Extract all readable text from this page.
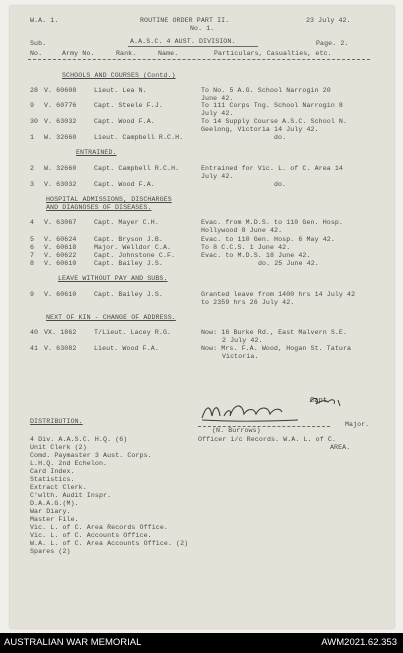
W.A. 1.	ROUTINE ORDER PART II.	23 July 42.
No. 1.
Sub.	A.A.S.C. 4 AUST. DIVISION.	Page. 2.
No.	Army No.	Rank.	Name.	Particulars, Casualties, etc.
SCHOOLS AND COURSES (Contd.)
28 V. 60608	Lieut. Lea N.	To No. 5 A.G. School Narrogin 20
June 42.
9 V. 60776	Capt. Steele F.J.	To 111 Corps Tng. School Narrogin 8
July 42.
30 V. 63032	Capt. Wood F.A.	To 14 Supply Course A.S.C. School N.
Geelong, Victoria 14 July 42.
1 W. 32660	Lieut. Campbell R.C.H.	do.
ENTRAINED.
2 W. 32660	Capt. Campbell R.C.H.	Entrained for Vic. L. of C. Area 14
July 42.
3 V. 63032	Capt. Wood F.A.	do.
HOSPITAL ADMISSIONS, DISCHARGES
AND DIAGNOSES OF DISEASES.
4 V. 63067	Capt. Mayer C.H.	Evac. from M.D.S. to 110 Gen. Hosp.
Hollywood 8 June 42.
5 V. 60624	Capt. Bryson J.B.	Evac. to 110 Gen. Hosp. 6 May 42.
6 V. 60618	Major. Welldor C.A.	To 8 C.C.S. 1 June 42.
7 V. 60622	Capt. Johnstone C.F.	Evac. to M.D.S. 18 June 42.
8 V. 60610	Capt. Bailey J.S.	do. 25 June 42.
LEAVE WITHOUT PAY AND SUBS.
9 V. 60610	Capt. Bailey J.S.	Granted leave from 1400 hrs 14 July 42
to 2359 hrs 26 July 42.
NEXT OF KIN - CHANGE OF ADDRESS.
40 VX. 1862	T/Lieut. Lacey R.G.	Now: 16 Burke Rd., East Malvern S.E.
2 July 42.
41 V. 63082	Lieut. Wood F.A.	Now: Mrs. F.A. Wood, Hogan St. Tatura
Victoria.
Capt
(N. Burrows)
Major.
Officer i/c Records. W.A. L. of C.
AREA.
DISTRIBUTION.
4 Div. A.A.S.C. H.Q. (6)
Unit Clerk (2)
Comd. Paymaster 3 Aust. Corps.
L.H.Q. 2nd Echelon.
Card Index.
Statistics.
Extract Clerk.
C'wlth. Audit Inspr.
D.A.A.G.(M).
War Diary.
Master File.
Vic. L. of C. Area Records Office.
Vic. L. of C. Accounts Office.
W.A. L. of C. Area Accounts Office. (2)
Spares (2)
AUSTRALIAN WAR MEMORIAL	AWM2021.62.353
